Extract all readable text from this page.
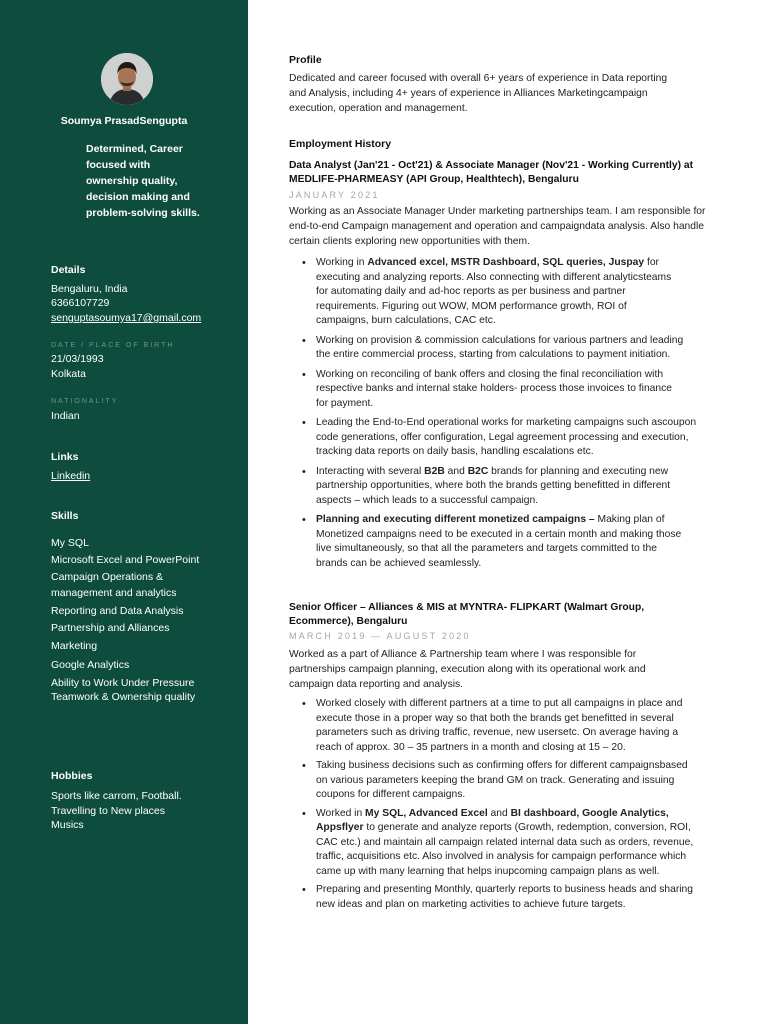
Soumya PrasadSengupta
Determined, Career
focused with
ownership quality,
decision making and
problem-solving skills.
Details
Bengaluru, India
6366107729
senguptasoumya17@gmail.com
DATE / PLACE OF BIRTH
21/03/1993
Kolkata
NATIONALITY
Indian
Links
Linkedin
Skills
My SQL
Microsoft Excel and PowerPoint
Campaign Operations &
management and analytics
Reporting and Data Analysis
Partnership and Alliances
Marketing
Google Analytics
Ability to Work Under Pressure
Teamwork & Ownership quality
Hobbies
Sports like carrom, Football.
Travelling to New places
Musics
Profile
Dedicated and career focused with overall 6+ years of experience in Data reporting
and Analysis, including 4+ years of experience in Alliances Marketingcampaign
execution, operation and management.
Employment History
Data Analyst (Jan'21 - Oct'21) & Associate Manager (Nov'21 - Working Currently) at
MEDLIFE-PHARMEASY (API Group, Healthtech), Bengaluru
JANUARY 2021
Working as an Associate Manager Under marketing partnerships team. I am responsible for
end-to-end Campaign management and operation and campaigndata analysis. Also handle
certain clients exploring new opportunities with them.
• Working in Advanced excel, MSTR Dashboard, SQL queries, Juspay for
executing and analyzing reports. Also connecting with different analyticsteams
for automating daily and ad-hoc reports as per business and partner
requirements. Figuring out WOW, MOM performance growth, ROI of
campaigns, burn calculations, CAC etc.
• Working on provision & commission calculations for various partners and leading
the entire commercial process, starting from calculations to payment initiation.
• Working on reconciling of bank offers and closing the final reconciliation with
respective banks and internal stake holders- process those invoices to finance
for payment.
• Leading the End-to-End operational works for marketing campaigns such ascoupon
code generations, offer configuration, Legal agreement processing and execution,
tracking data reports on daily basis, handling escalations etc.
• Interacting with several B2B and B2C brands for planning and executing new
partnership opportunities, where both the brands getting benefitted in different
aspects – which leads to a successful campaign.
• Planning and executing different monetized campaigns – Making plan of
Monetized campaigns need to be executed in a certain month and making those
live simultaneously, so that all the parameters and targets committed to the
brands can be achieved seamlessly.
Senior Officer – Alliances & MIS at MYNTRA- FLIPKART (Walmart Group,
Ecommerce), Bengaluru
MARCH 2019 — AUGUST 2020
Worked as a part of Alliance & Partnership team where I was responsible for
partnerships campaign planning, execution along with its operational work and
campaign data reporting and analysis.
• Worked closely with different partners at a time to put all campaigns in place and
execute those in a proper way so that both the brands get benefitted in several
parameters such as driving traffic, revenue, new usersetc. On average having a
reach of approx. 30 – 35 partners in a month and closing at 15 – 20.
• Taking business decisions such as confirming offers for different campaignsbased
on various parameters keeping the brand GM on track. Generating and issuing
coupons for different campaigns.
• Worked in My SQL, Advanced Excel and BI dashboard, Google Analytics,
Appsflyer to generate and analyze reports (Growth, redemption, conversion, ROI,
CAC etc.) and maintain all campaign related internal data such as orders, revenue,
traffic, acquisitions etc. Also involved in analysis for campaign performance which
came up with many learning that helps inupcoming campaign plans as well.
• Preparing and presenting Monthly, quarterly reports to business heads and sharing
new ideas and plan on marketing activities to achieve future targets.
